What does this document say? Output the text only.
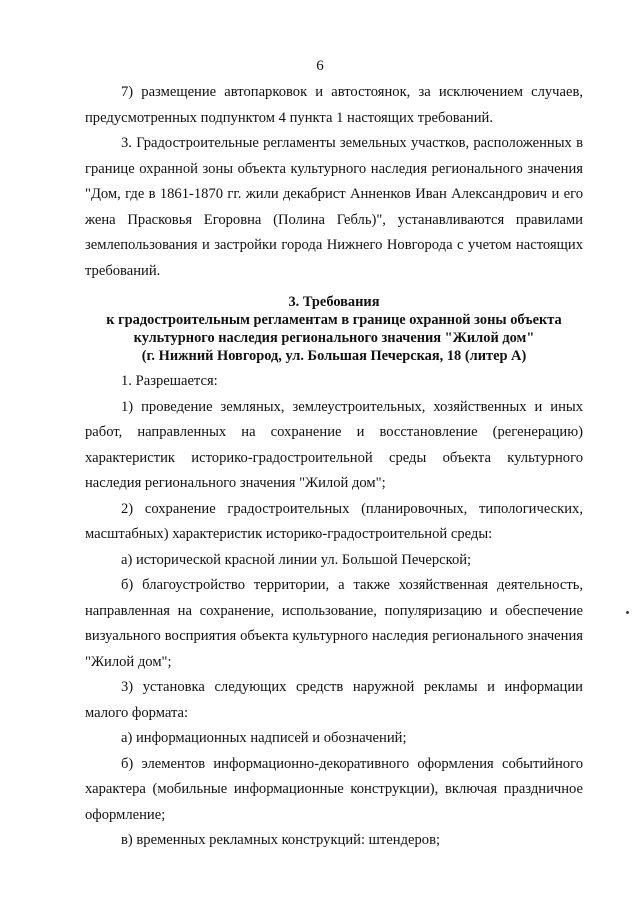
6

7) размещение автопарковок и автостоянок, за исключением случаев, предусмотренных подпунктом 4 пункта 1 настоящих требований.

3. Градостроительные регламенты земельных участков, расположенных в границе охранной зоны объекта культурного наследия регионального значения "Дом, где в 1861-1870 гг. жили декабрист Анненков Иван Александрович и его жена Прасковья Егоровна (Полина Гебль)", устанавливаются правилами землепользования и застройки города Нижнего Новгорода с учетом настоящих требований.

3. Требования
к градостроительным регламентам в границе охранной зоны объекта
культурного наследия регионального значения "Жилой дом"
(г. Нижний Новгород, ул. Большая Печерская, 18 (литер А)

1. Разрешается:

1) проведение земляных, землеустроительных, хозяйственных и иных работ, направленных на сохранение и восстановление (регенерацию) характеристик историко-градостроительной среды объекта культурного наследия регионального значения "Жилой дом";

2) сохранение градостроительных (планировочных, типологических, масштабных) характеристик историко-градостроительной среды:

а) исторической красной линии ул. Большой Печерской;

б) благоустройство территории, а также хозяйственная деятельность, направленная на сохранение, использование, популяризацию и обеспечение визуального восприятия объекта культурного наследия регионального значения "Жилой дом";

3) установка следующих средств наружной рекламы и информации малого формата:

а) информационных надписей и обозначений;

б) элементов информационно-декоративного оформления событийного характера (мобильные информационные конструкции), включая праздничное оформление;

в) временных рекламных конструкций: штендеров;
